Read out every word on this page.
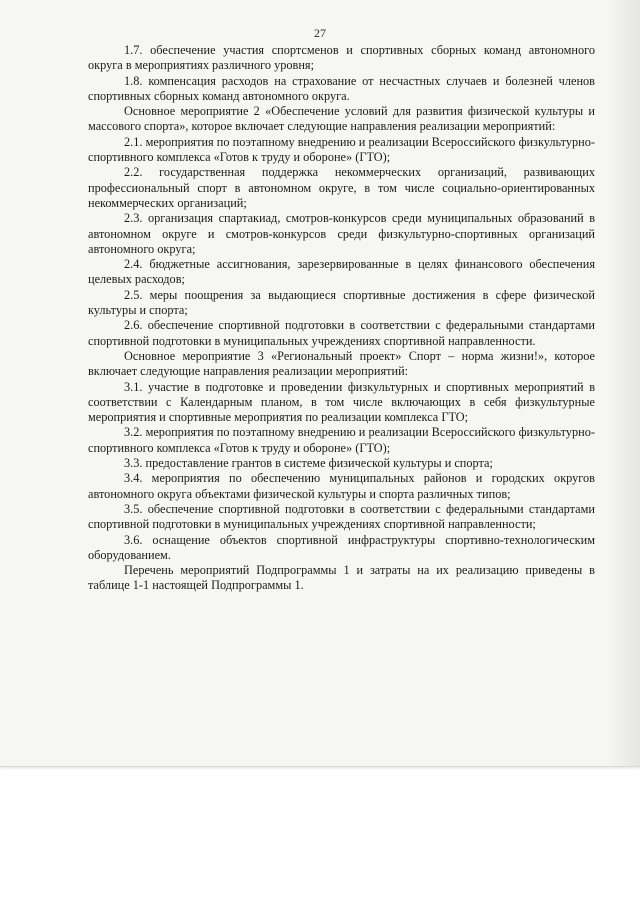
27

1.7. обеспечение участия спортсменов и спортивных сборных команд автономного округа в мероприятиях различного уровня;

1.8. компенсация расходов на страхование от несчастных случаев и болезней членов спортивных сборных команд автономного округа.

Основное мероприятие 2 «Обеспечение условий для развития физической культуры и массового спорта», которое включает следующие направления реализации мероприятий:

2.1. мероприятия по поэтапному внедрению и реализации Всероссийского физкультурно-спортивного комплекса «Готов к труду и обороне» (ГТО);

2.2. государственная поддержка некоммерческих организаций, развивающих профессиональный спорт в автономном округе, в том числе социально-ориентированных некоммерческих организаций;

2.3. организация спартакиад, смотров-конкурсов среди муниципальных образований в автономном округе и смотров-конкурсов среди физкультурно-спортивных организаций автономного округа;

2.4. бюджетные ассигнования, зарезервированные в целях финансового обеспечения целевых расходов;

2.5. меры поощрения за выдающиеся спортивные достижения в сфере физической культуры и спорта;

2.6. обеспечение спортивной подготовки в соответствии с федеральными стандартами спортивной подготовки в муниципальных учреждениях спортивной направленности.

Основное мероприятие 3 «Региональный проект» Спорт – норма жизни!», которое включает следующие направления реализации мероприятий:

3.1. участие в подготовке и проведении физкультурных и спортивных мероприятий в соответствии с Календарным планом, в том числе включающих в себя физкультурные мероприятия и спортивные мероприятия по реализации комплекса ГТО;

3.2. мероприятия по поэтапному внедрению и реализации Всероссийского физкультурно-спортивного комплекса «Готов к труду и обороне» (ГТО);

3.3. предоставление грантов в системе физической культуры и спорта;

3.4. мероприятия по обеспечению муниципальных районов и городских округов автономного округа объектами физической культуры и спорта различных типов;

3.5. обеспечение спортивной подготовки в соответствии с федеральными стандартами спортивной подготовки в муниципальных учреждениях спортивной направленности;

3.6. оснащение объектов спортивной инфраструктуры спортивно-технологическим оборудованием.

Перечень мероприятий Подпрограммы 1 и затраты на их реализацию приведены в таблице 1-1 настоящей Подпрограммы 1.
